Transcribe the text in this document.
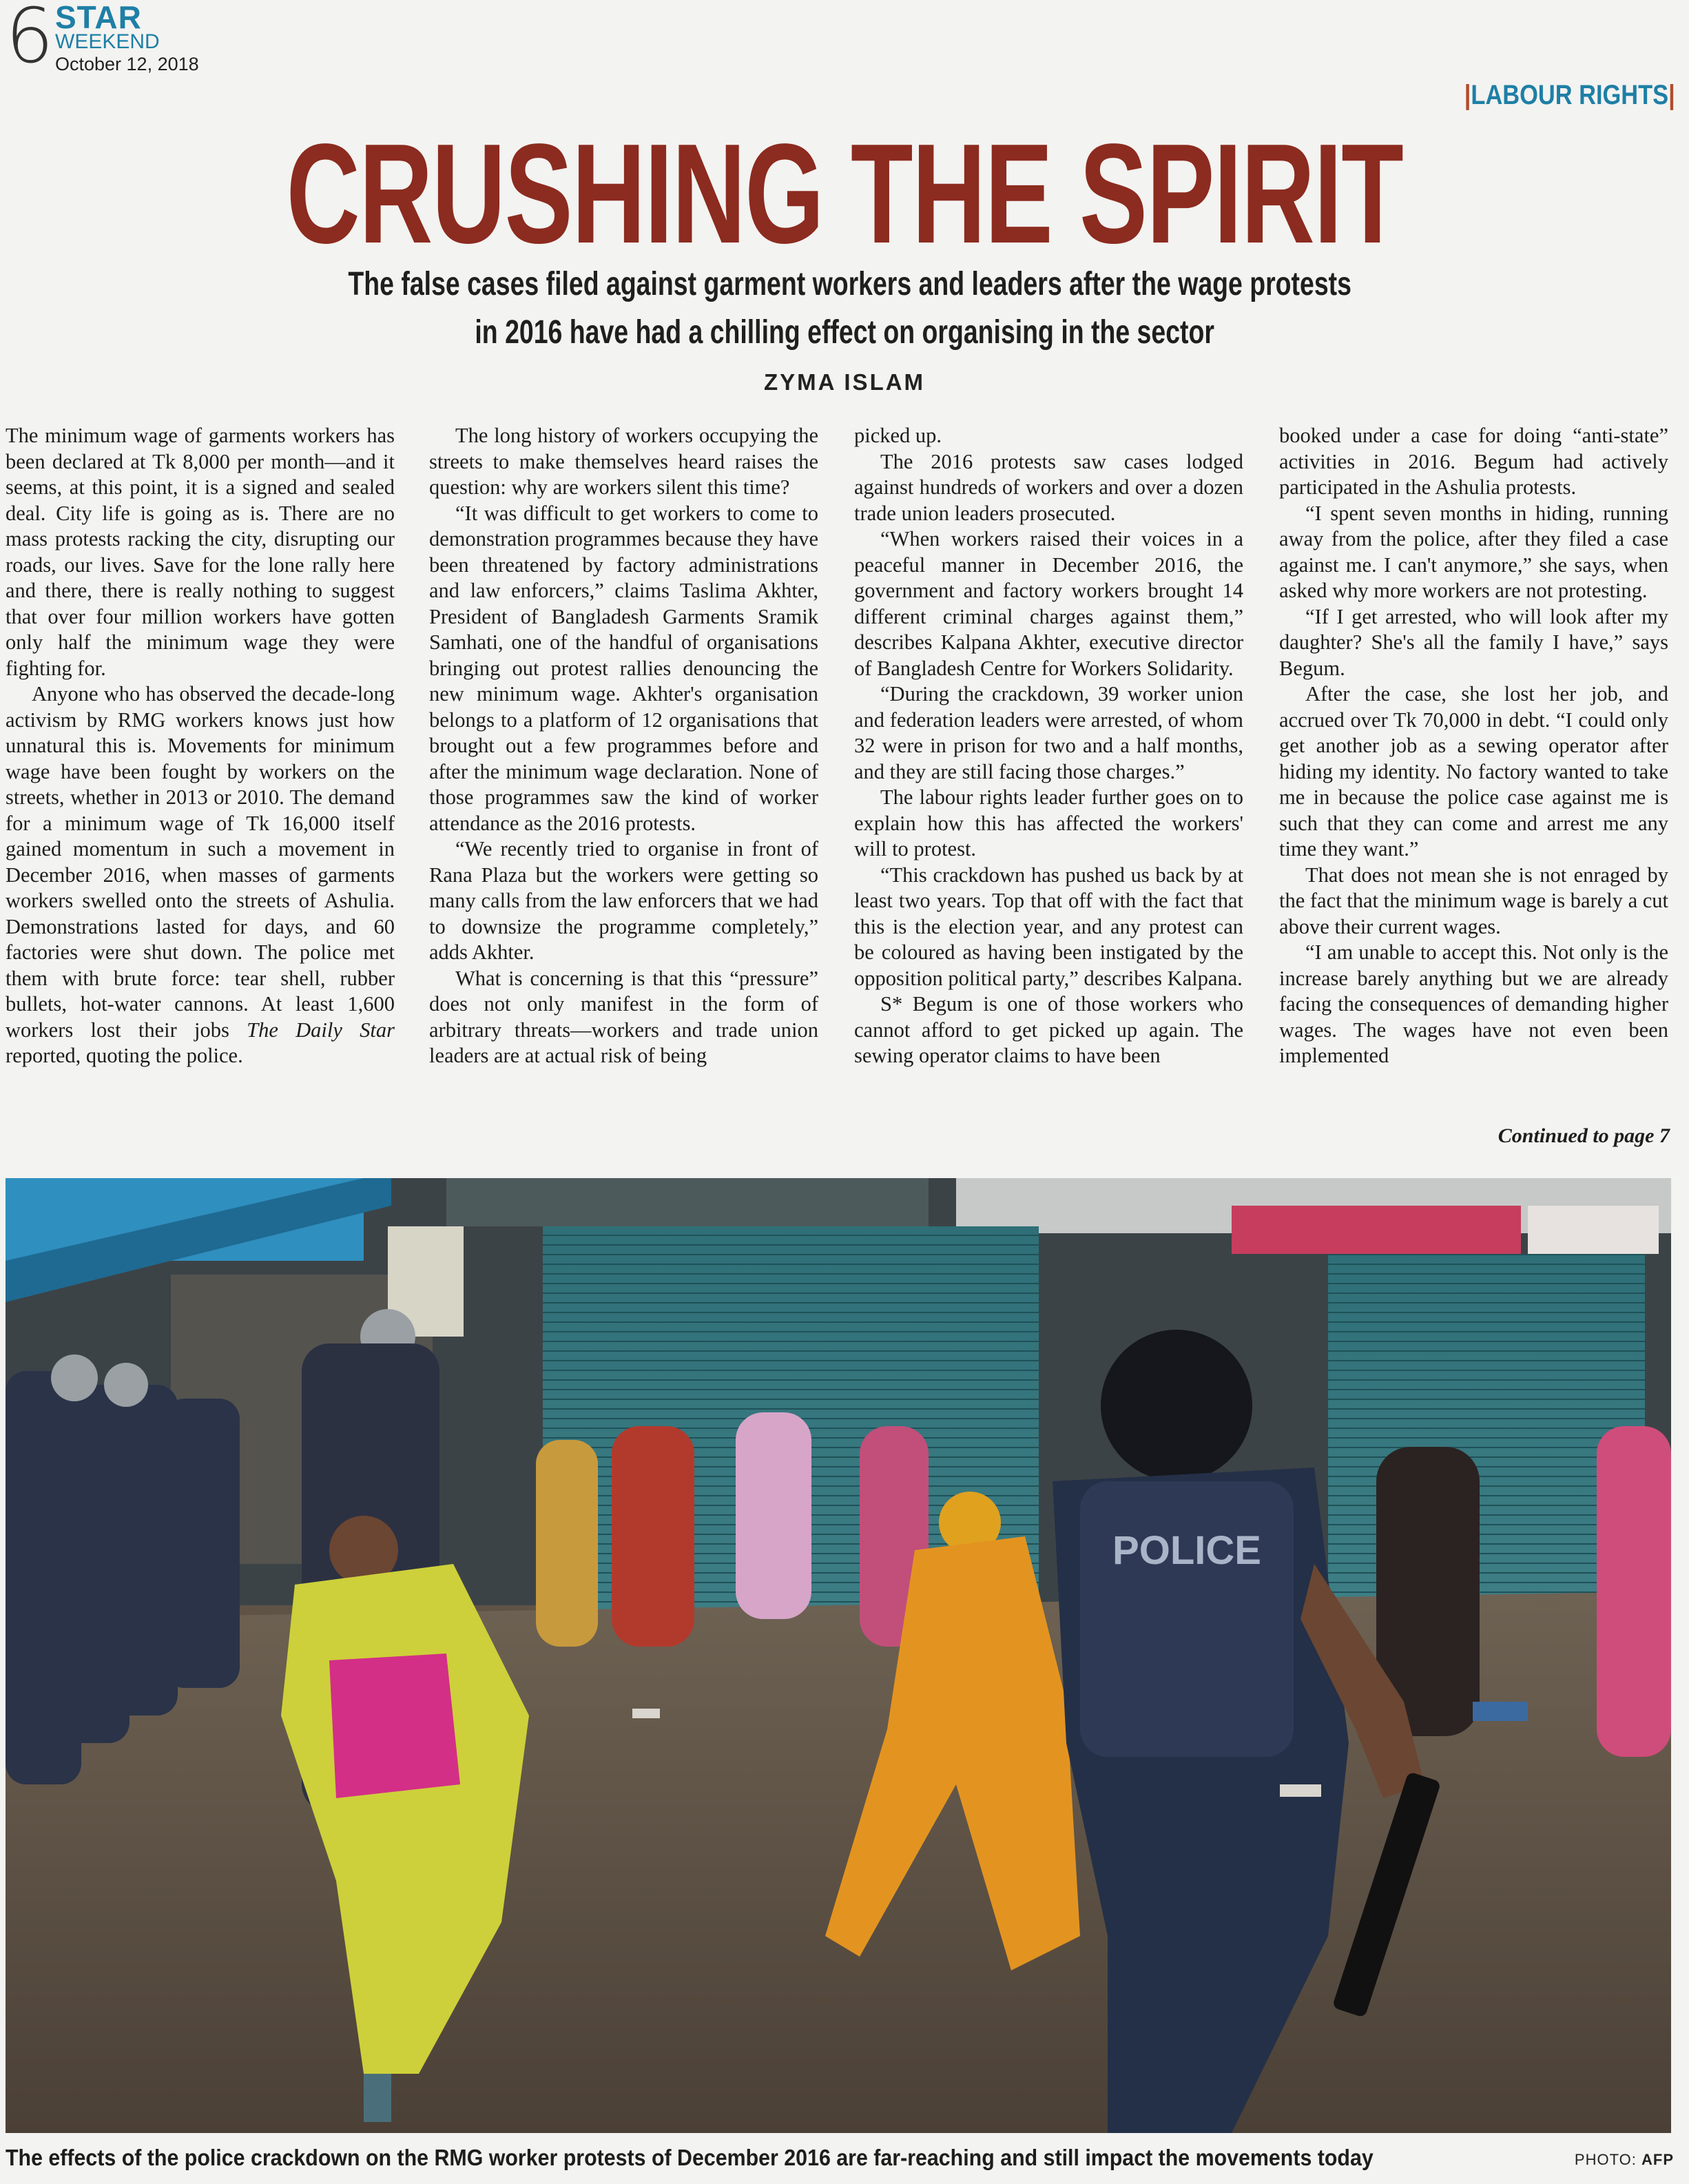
6 STAR
WEEKEND
October 12, 2018
|LABOUR RIGHTS|
CRUSHING THE SPIRIT
The false cases filed against garment workers and leaders after the wage protests
in 2016 have had a chilling effect on organising in the sector
ZYMA ISLAM

The minimum wage of garments workers has been declared at Tk 8,000 per month—and it seems, at this point, it is a signed and sealed deal. City life is going as is. There are no mass protests racking the city, disrupting our roads, our lives. Save for the lone rally here and there, there is really nothing to suggest that over four million workers have gotten only half the minimum wage they were fighting for.

Anyone who has observed the decade-long activism by RMG workers knows just how unnatural this is. Movements for minimum wage have been fought by workers on the streets, whether in 2013 or 2010. The demand for a minimum wage of Tk 16,000 itself gained momentum in such a movement in December 2016, when masses of garments workers swelled onto the streets of Ashulia. Demonstrations lasted for days, and 60 factories were shut down. The police met them with brute force: tear shell, rubber bullets, hot-water cannons. At least 1,600 workers lost their jobs The Daily Star reported, quoting the police.

The long history of workers occupying the streets to make themselves heard raises the question: why are workers silent this time?

“It was difficult to get workers to come to demonstration programmes because they have been threatened by factory administrations and law enforcers,” claims Taslima Akhter, President of Bangladesh Garments Sramik Samhati, one of the handful of organisations bringing out protest rallies denouncing the new minimum wage. Akhter's organisation belongs to a platform of 12 organisations that brought out a few programmes before and after the minimum wage declaration. None of those programmes saw the kind of worker attendance as the 2016 protests.

“We recently tried to organise in front of Rana Plaza but the workers were getting so many calls from the law enforcers that we had to downsize the programme completely,” adds Akhter.

What is concerning is that this “pressure” does not only manifest in the form of arbitrary threats—workers and trade union leaders are at actual risk of being

picked up.

The 2016 protests saw cases lodged against hundreds of workers and over a dozen trade union leaders prosecuted.

“When workers raised their voices in a peaceful manner in December 2016, the government and factory workers brought 14 different criminal charges against them,” describes Kalpana Akhter, executive director of Bangladesh Centre for Workers Solidarity.

“During the crackdown, 39 worker union and federation leaders were arrested, of whom 32 were in prison for two and a half months, and they are still facing those charges.”

The labour rights leader further goes on to explain how this has affected the workers' will to protest.

“This crackdown has pushed us back by at least two years. Top that off with the fact that this is the election year, and any protest can be coloured as having been instigated by the opposition political party,” describes Kalpana.

S* Begum is one of those workers who cannot afford to get picked up again. The sewing operator claims to have been

booked under a case for doing “anti-state” activities in 2016. Begum had actively participated in the Ashulia protests.

“I spent seven months in hiding, running away from the police, after they filed a case against me. I can't anymore,” she says, when asked why more workers are not protesting.

“If I get arrested, who will look after my daughter? She's all the family I have,” says Begum.

After the case, she lost her job, and accrued over Tk 70,000 in debt. “I could only get another job as a sewing operator after hiding my identity. No factory wanted to take me in because the police case against me is such that they can come and arrest me any time they want.”

That does not mean she is not enraged by the fact that the minimum wage is barely a cut above their current wages.

“I am unable to accept this. Not only is the increase barely anything but we are already facing the consequences of demanding higher wages. The wages have not even been implemented

Continued to page 7
POLICE
The effects of the police crackdown on the RMG worker protests of December 2016 are far-reaching and still impact the movements today	PHOTO: AFP
